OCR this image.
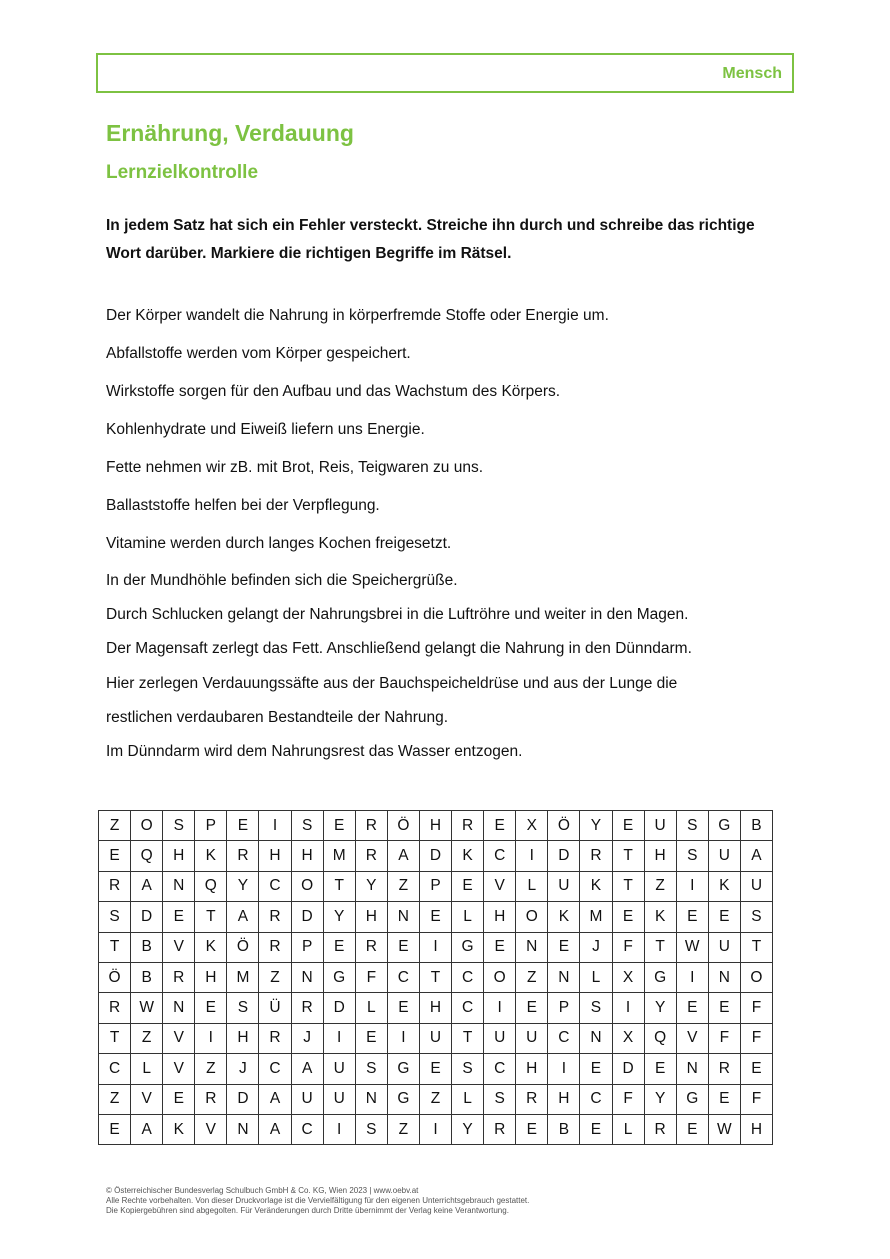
Mensch
Ernährung, Verdauung
Lernzielkontrolle

In jedem Satz hat sich ein Fehler versteckt. Streiche ihn durch und schreibe das richtige Wort darüber. Markiere die richtigen Begriffe im Rätsel.

Der Körper wandelt die Nahrung in körperfremde Stoffe oder Energie um.

Abfallstoffe werden vom Körper gespeichert.

Wirkstoffe sorgen für den Aufbau und das Wachstum des Körpers.

Kohlenhydrate und Eiweiß liefern uns Energie.

Fette nehmen wir zB. mit Brot, Reis, Teigwaren zu uns.

Ballaststoffe helfen bei der Verpflegung.

Vitamine werden durch langes Kochen freigesetzt.

In der Mundhöhle befinden sich die Speichergrüße.

Durch Schlucken gelangt der Nahrungsbrei in die Luftröhre und weiter in den Magen.

Der Magensaft zerlegt das Fett. Anschließend gelangt die Nahrung in den Dünndarm.

Hier zerlegen Verdauungssäfte aus der Bauchspeicheldrüse und aus der Lunge die

restlichen verdaubaren Bestandteile der Nahrung.

Im Dünndarm wird dem Nahrungsrest das Wasser entzogen.

Z	O	S	P	E	I	S	E	R	Ö	H	R	E	X	Ö	Y	E	U	S	G	B
E	Q	H	K	R	H	H	M	R	A	D	K	C	I	D	R	T	H	S	U	A
R	A	N	Q	Y	C	O	T	Y	Z	P	E	V	L	U	K	T	Z	I	K	U
S	D	E	T	A	R	D	Y	H	N	E	L	H	O	K	M	E	K	E	E	S
T	B	V	K	Ö	R	P	E	R	E	I	G	E	N	E	J	F	T	W	U	T
Ö	B	R	H	M	Z	N	G	F	C	T	C	O	Z	N	L	X	G	I	N	O
R	W	N	E	S	Ü	R	D	L	E	H	C	I	E	P	S	I	Y	E	E	F
T	Z	V	I	H	R	J	I	E	I	U	T	U	U	C	N	X	Q	V	F	F
C	L	V	Z	J	C	A	U	S	G	E	S	C	H	I	E	D	E	N	R	E
Z	V	E	R	D	A	U	U	N	G	Z	L	S	R	H	C	F	Y	G	E	F
E	A	K	V	N	A	C	I	S	Z	I	Y	R	E	B	E	L	R	E	W	H
© Österreichischer Bundesverlag Schulbuch GmbH & Co. KG, Wien 2023 | www.oebv.at
Alle Rechte vorbehalten. Von dieser Druckvorlage ist die Vervielfältigung für den eigenen Unterrichtsgebrauch gestattet.
Die Kopiergebühren sind abgegolten. Für Veränderungen durch Dritte übernimmt der Verlag keine Verantwortung.
